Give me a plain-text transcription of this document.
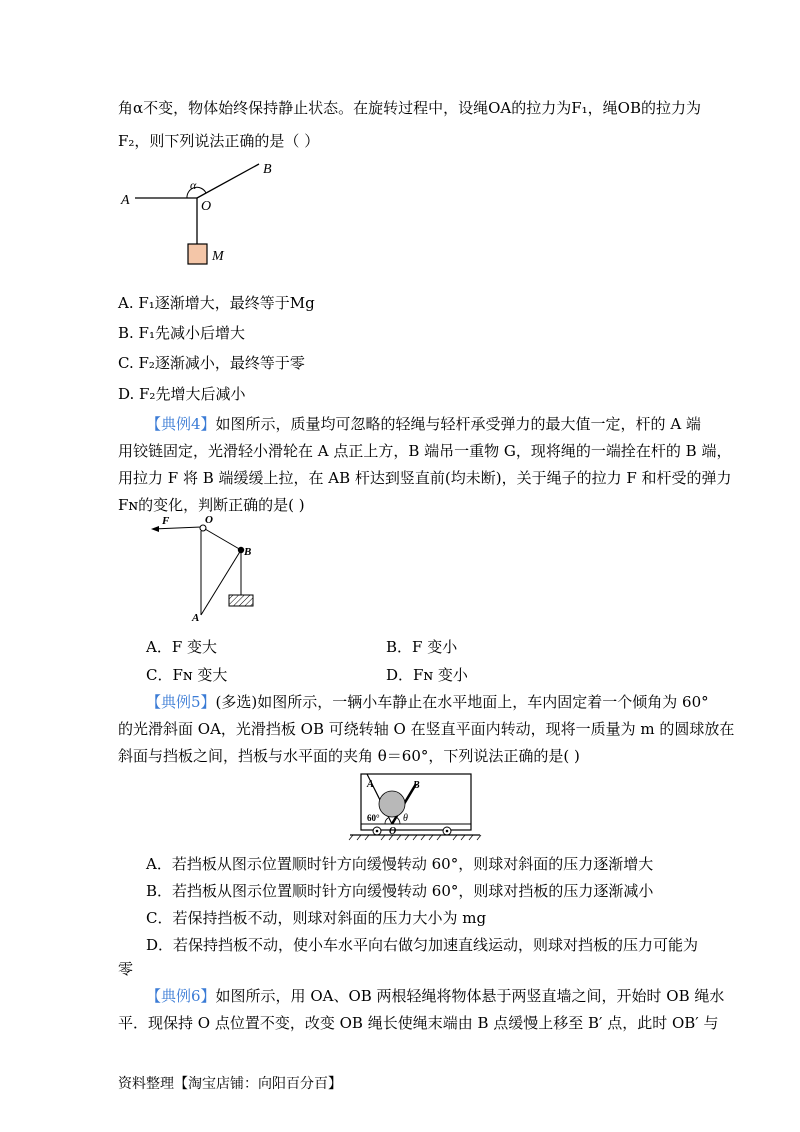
角α不变，物体始终保持静止状态。在旋转过程中，设绳OA的拉力为F₁，绳OB的拉力为
F₂，则下列说法正确的是（ ）
A
α
O
B
M
A. F₁逐渐增大，最终等于Mg
B. F₁先减小后增大
C. F₂逐渐减小，最终等于零
D. F₂先增大后减小
【典例4】如图所示，质量均可忽略的轻绳与轻杆承受弹力的最大值一定，杆的 A 端
用铰链固定，光滑轻小滑轮在 A 点正上方，B 端吊一重物 G，现将绳的一端拴在杆的 B 端，
用拉力 F 将 B 端缓缓上拉，在 AB 杆达到竖直前(均未断)，关于绳子的拉力 F 和杆受的弹力
Fɴ的变化，判断正确的是( )
F	O
B
A
A．F 变大	B．F 变小
C．Fɴ 变大	D．Fɴ 变小
【典例5】(多选)如图所示，一辆小车静止在水平地面上，车内固定着一个倾角为 60°
的光滑斜面 OA，光滑挡板 OB 可绕转轴 O 在竖直平面内转动，现将一质量为 m 的圆球放在
斜面与挡板之间，挡板与水平面的夹角 θ＝60°，下列说法正确的是( )
A	B
60° θ
O
A．若挡板从图示位置顺时针方向缓慢转动 60°，则球对斜面的压力逐渐增大
B．若挡板从图示位置顺时针方向缓慢转动 60°，则球对挡板的压力逐渐减小
C．若保持挡板不动，则球对斜面的压力大小为 mg
D．若保持挡板不动，使小车水平向右做匀加速直线运动，则球对挡板的压力可能为
零
【典例6】如图所示，用 OA、OB 两根轻绳将物体悬于两竖直墙之间，开始时 OB 绳水
平．现保持 O 点位置不变，改变 OB 绳长使绳末端由 B 点缓慢上移至 B′ 点，此时 OB′ 与
资料整理【淘宝店铺：向阳百分百】
